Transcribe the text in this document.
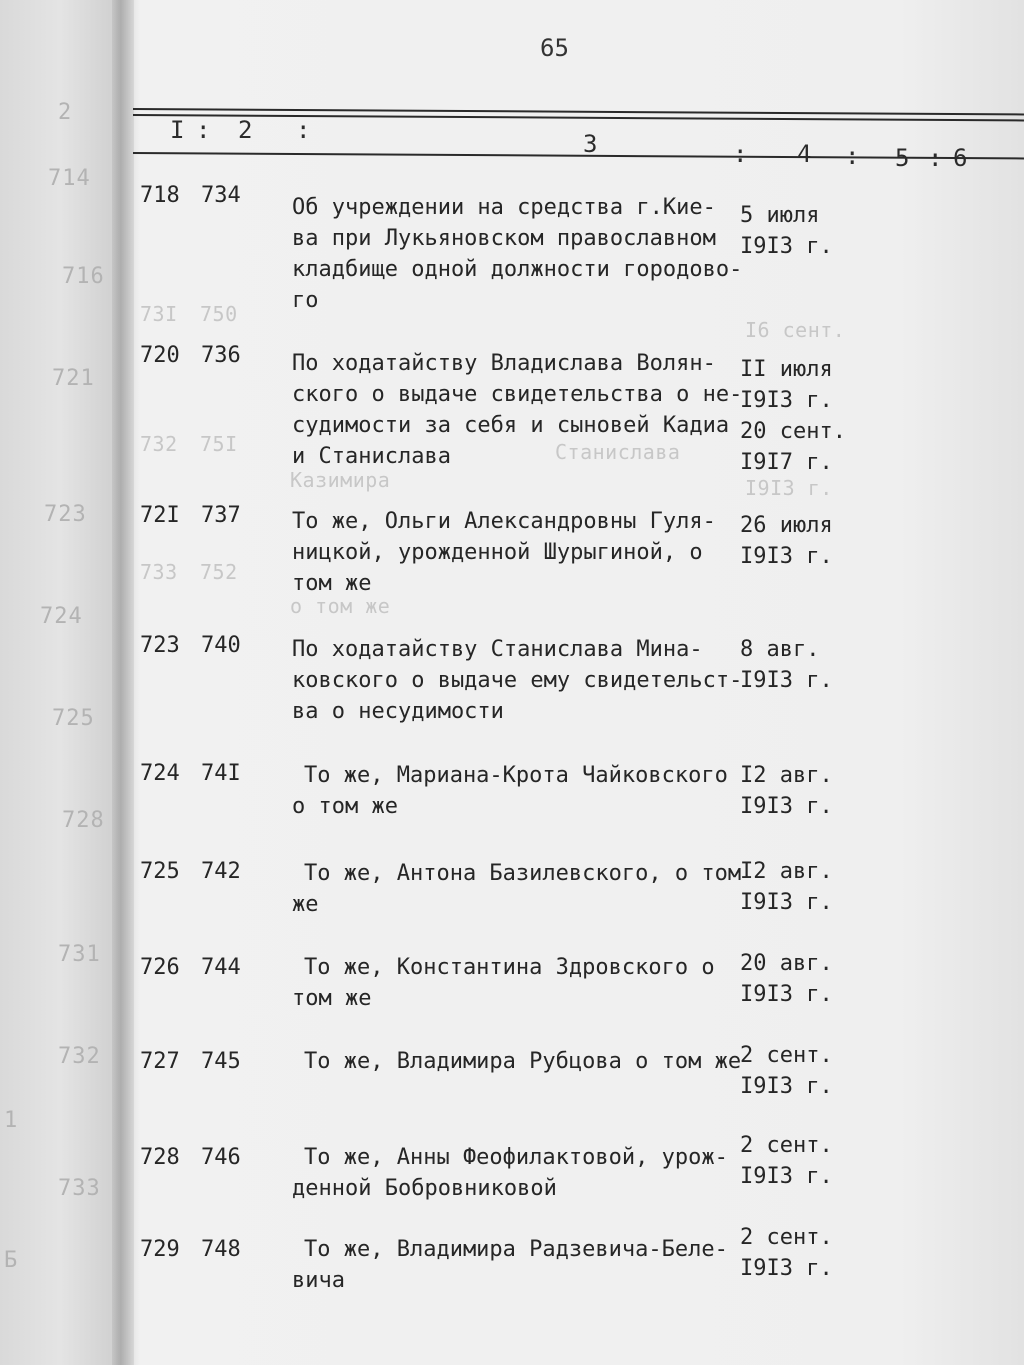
2
714
716
721
723
724
725
728
731
732
733
1
Б
65
I : 2 :	3	: 4 : 5 : 6
73I 750
I6 сент.
732 75I	Станислава
Казимира	I9I3 г.
733 752
о том же
718 734 Об учреждении на средства г.Кие-
ва при Лукьяновском православном
кладбище одной должности городово-
го
5 июля
I9I3 г.
720 736 По ходатайству Владислава Волян-
ского о выдаче свидетельства о не-
судимости за себя и сыновей Кадиа
и Станислава
II июля
I9I3 г.
20 сент.
I9I7 г.
72I 737 То же, Ольги Александровны Гуля-
ницкой, урожденной Шурыгиной, о
том же
26 июля
I9I3 г.
723 740 По ходатайству Станислава Мина-
ковского о выдаче ему свидетельст-
ва о несудимости
8 авг.
I9I3 г.
724 74I	То же, Мариана-Крота Чайковского
о том же
I2 авг.
I9I3 г.
725 742	То же, Антона Базилевского, о том
же
I2 авг.
I9I3 г.
726 744	То же, Константина Здровского о
том же
20 авг.
I9I3 г.
727 745	То же, Владимира Рубцова о том же
2 сент.
I9I3 г.
728 746	То же, Анны Феофилактовой, урож-
денной Бобровниковой
2 сент.
I9I3 г.
729 748	То же, Владимира Радзевича-Беле-
вича
2 сент.
I9I3 г.
